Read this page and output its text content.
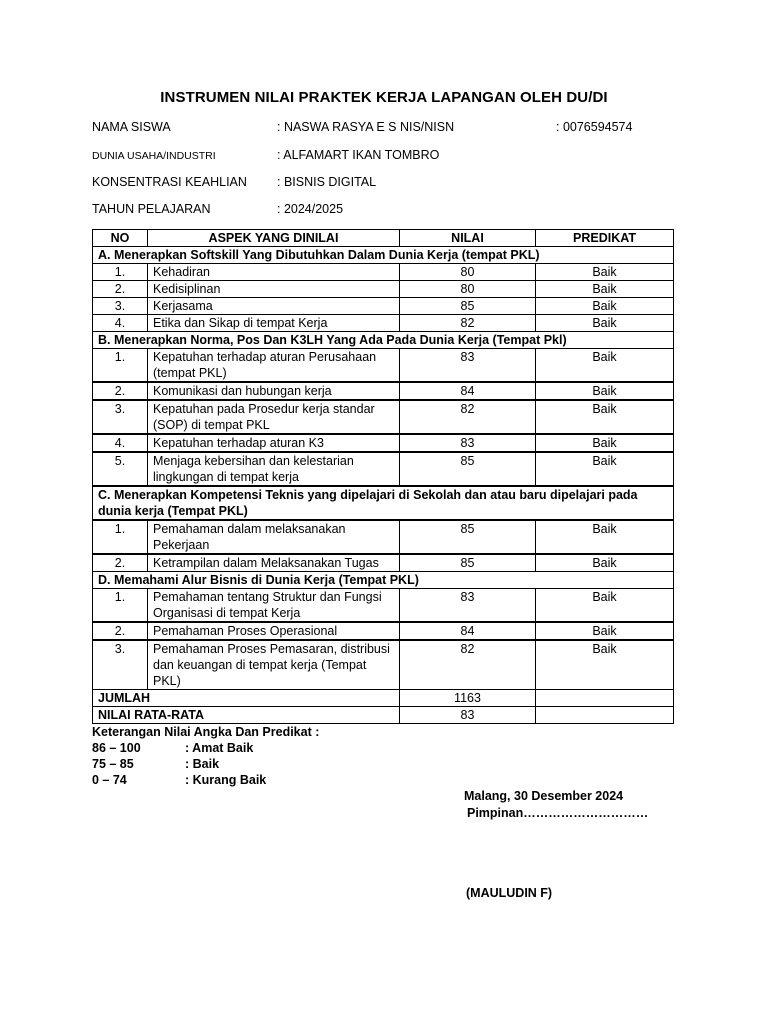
INSTRUMEN NILAI PRAKTEK KERJA LAPANGAN OLEH DU/DI
NAMA SISWA	: NASWA RASYA E S NIS/NISN	: 0076594574
DUNIA USAHA/INDUSTRI	: ALFAMART IKAN TOMBRO
KONSENTRASI KEAHLIAN : BISNIS DIGITAL
TAHUN PELAJARAN	: 2024/2025
NO	ASPEK YANG DINILAI	NILAI	PREDIKAT
A. Menerapkan Softskill Yang Dibutuhkan Dalam Dunia Kerja (tempat PKL)			
1.	Kehadiran	80	Baik
2.	Kedisiplinan	80	Baik
3.	Kerjasama	85	Baik
4.	Etika dan Sikap di tempat Kerja	82	Baik
B. Menerapkan Norma, Pos Dan K3LH Yang Ada Pada Dunia Kerja (Tempat Pkl)			
1.	Kepatuhan terhadap aturan Perusahaan (tempat PKL)	83	Baik
2.	Komunikasi dan hubungan kerja	84	Baik
3.	Kepatuhan pada Prosedur kerja standar (SOP) di tempat PKL	82	Baik
4.	Kepatuhan terhadap aturan K3	83	Baik
5.	Menjaga kebersihan dan kelestarian lingkungan di tempat kerja	85	Baik
C. Menerapkan Kompetensi Teknis yang dipelajari di Sekolah dan atau baru dipelajari pada dunia kerja (Tempat PKL)			
1.	Pemahaman dalam melaksanakan Pekerjaan	85	Baik
2.	Ketrampilan dalam Melaksanakan Tugas	85	Baik
D. Memahami Alur Bisnis di Dunia Kerja (Tempat PKL)			
1.	Pemahaman tentang Struktur dan Fungsi Organisasi di tempat Kerja	83	Baik
2.	Pemahaman Proses Operasional	84	Baik
3.	Pemahaman Proses Pemasaran, distribusi dan keuangan di tempat kerja (Tempat PKL)	82	Baik
JUMLAH		1163	
NILAI RATA-RATA		83	
Keterangan Nilai Angka Dan Predikat :
86 – 100	: Amat Baik
75 – 85	: Baik
0 – 74	: Kurang Baik
Malang, 30 Desember 2024
Pimpinan…………………………
(MAULUDIN F)
